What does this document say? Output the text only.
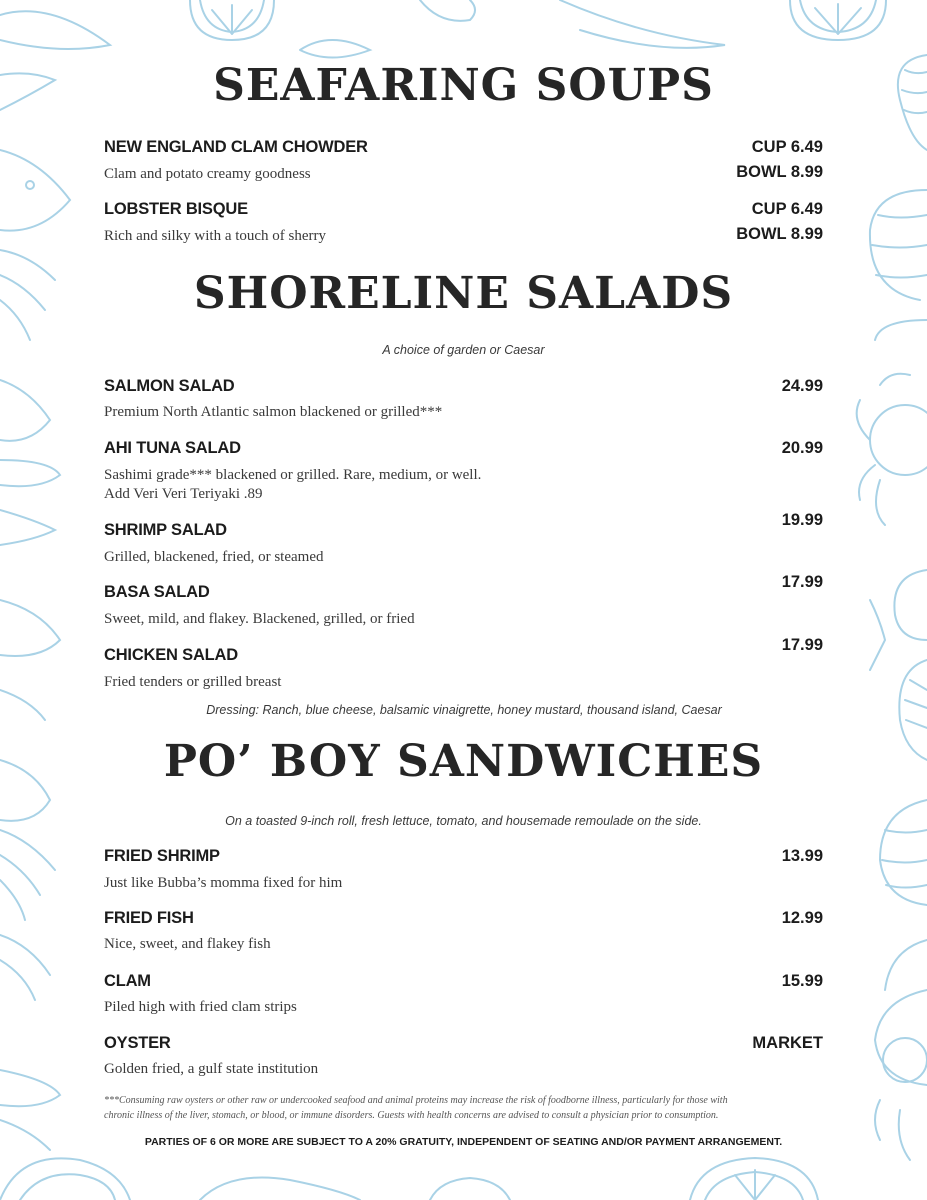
SEAFARING SOUPS
NEW ENGLAND CLAM CHOWDER	CUP 6.49
Clam and potato creamy goodness	BOWL 8.99
LOBSTER BISQUE	CUP 6.49
Rich and silky with a touch of sherry	BOWL 8.99
SHORELINE SALADS
A choice of garden or Caesar
SALMON SALAD	24.99
Premium North Atlantic salmon blackened or grilled***
AHI TUNA SALAD	20.99
Sashimi grade*** blackened or grilled. Rare, medium, or well.
Add Veri Veri Teriyaki .89
SHRIMP SALAD
19.99
Grilled, blackened, fried, or steamed
BASA SALAD
17.99
Sweet, mild, and flakey. Blackened, grilled, or fried
CHICKEN SALAD
17.99
Fried tenders or grilled breast
Dressing: Ranch, blue cheese, balsamic vinaigrette, honey mustard, thousand island, Caesar
PO’ BOY SANDWICHES
On a toasted 9-inch roll, fresh lettuce, tomato, and housemade remoulade on the side.
FRIED SHRIMP	13.99
Just like Bubba’s momma fixed for him
FRIED FISH	12.99
Nice, sweet, and flakey fish
CLAM	15.99
Piled high with fried clam strips
OYSTER	MARKET
Golden fried, a gulf state institution
***Consuming raw oysters or other raw or undercooked seafood and animal proteins may increase the risk of foodborne illness, particularly for those with
chronic illness of the liver, stomach, or blood, or immune disorders. Guests with health concerns are advised to consult a physician prior to consumption.
PARTIES OF 6 OR MORE ARE SUBJECT TO A 20% GRATUITY, INDEPENDENT OF SEATING AND/OR PAYMENT ARRANGEMENT.
